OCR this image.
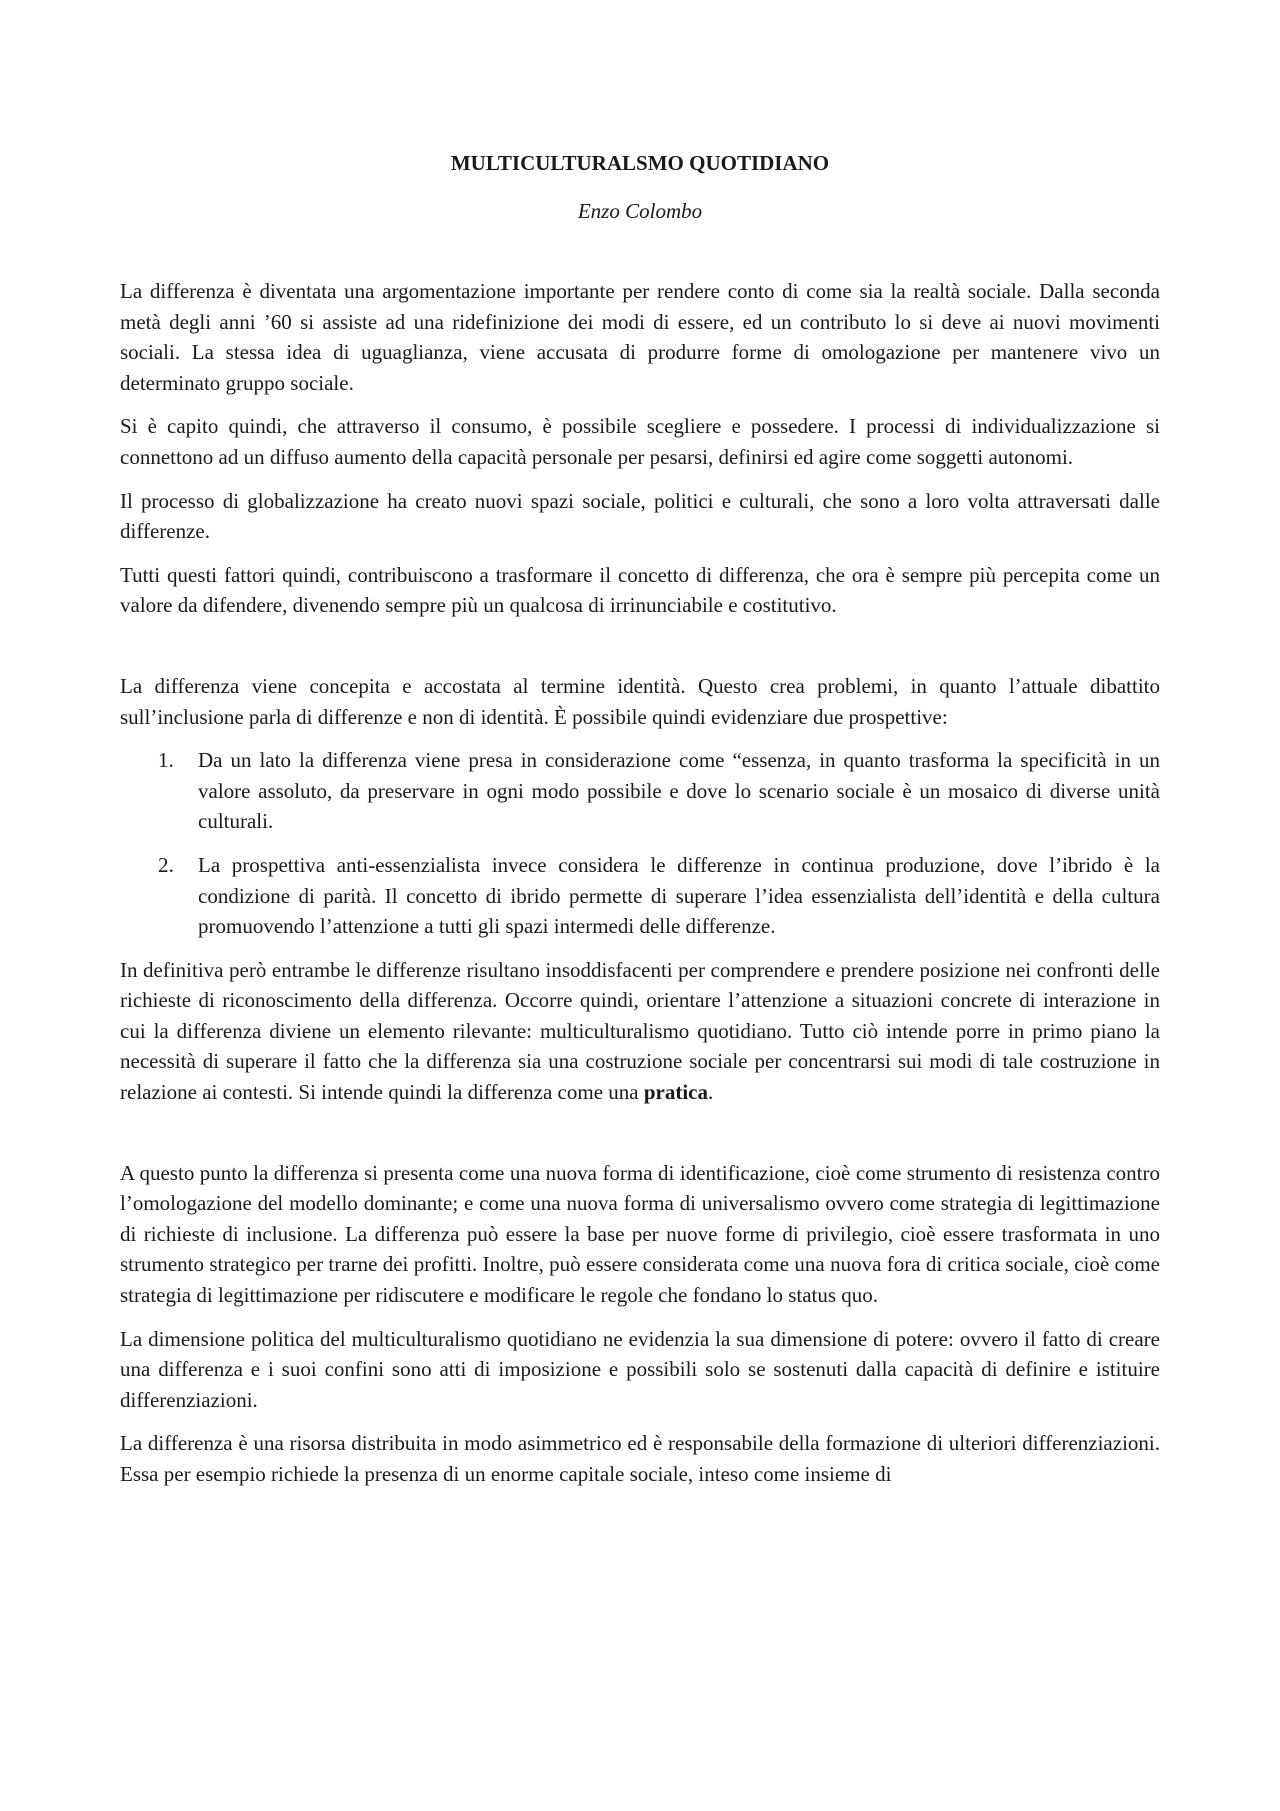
MULTICULTURALSMO QUOTIDIANO
Enzo Colombo

La differenza è diventata una argomentazione importante per rendere conto di come sia la realtà sociale. Dalla seconda metà degli anni ’60 si assiste ad una ridefinizione dei modi di essere, ed un contributo lo si deve ai nuovi movimenti sociali. La stessa idea di uguaglianza, viene accusata di produrre forme di omologazione per mantenere vivo un determinato gruppo sociale.

Si è capito quindi, che attraverso il consumo, è possibile scegliere e possedere. I processi di individualizzazione si connettono ad un diffuso aumento della capacità personale per pesarsi, definirsi ed agire come soggetti autonomi.

Il processo di globalizzazione ha creato nuovi spazi sociale, politici e culturali, che sono a loro volta attraversati dalle differenze.

Tutti questi fattori quindi, contribuiscono a trasformare il concetto di differenza, che ora è sempre più percepita come un valore da difendere, divenendo sempre più un qualcosa di irrinunciabile e costitutivo.

La differenza viene concepita e accostata al termine identità. Questo crea problemi, in quanto l’attuale dibattito sull’inclusione parla di differenze e non di identità. È possibile quindi evidenziare due prospettive:

1. Da un lato la differenza viene presa in considerazione come “essenza, in quanto trasforma la specificità in un valore assoluto, da preservare in ogni modo possibile e dove lo scenario sociale è un mosaico di diverse unità culturali.
2. La prospettiva anti-essenzialista invece considera le differenze in continua produzione, dove l’ibrido è la condizione di parità. Il concetto di ibrido permette di superare l’idea essenzialista dell’identità e della cultura promuovendo l’attenzione a tutti gli spazi intermedi delle differenze.

In definitiva però entrambe le differenze risultano insoddisfacenti per comprendere e prendere posizione nei confronti delle richieste di riconoscimento della differenza. Occorre quindi, orientare l’attenzione a situazioni concrete di interazione in cui la differenza diviene un elemento rilevante: multiculturalismo quotidiano. Tutto ciò intende porre in primo piano la necessità di superare il fatto che la differenza sia una costruzione sociale per concentrarsi sui modi di tale costruzione in relazione ai contesti. Si intende quindi la differenza come una pratica.

A questo punto la differenza si presenta come una nuova forma di identificazione, cioè come strumento di resistenza contro l’omologazione del modello dominante; e come una nuova forma di universalismo ovvero come strategia di legittimazione di richieste di inclusione. La differenza può essere la base per nuove forme di privilegio, cioè essere trasformata in uno strumento strategico per trarne dei profitti. Inoltre, può essere considerata come una nuova fora di critica sociale, cioè come strategia di legittimazione per ridiscutere e modificare le regole che fondano lo status quo.

La dimensione politica del multiculturalismo quotidiano ne evidenzia la sua dimensione di potere: ovvero il fatto di creare una differenza e i suoi confini sono atti di imposizione e possibili solo se sostenuti dalla capacità di definire e istituire differenziazioni.

La differenza è una risorsa distribuita in modo asimmetrico ed è responsabile della formazione di ulteriori differenziazioni. Essa per esempio richiede la presenza di un enorme capitale sociale, inteso come insieme di
